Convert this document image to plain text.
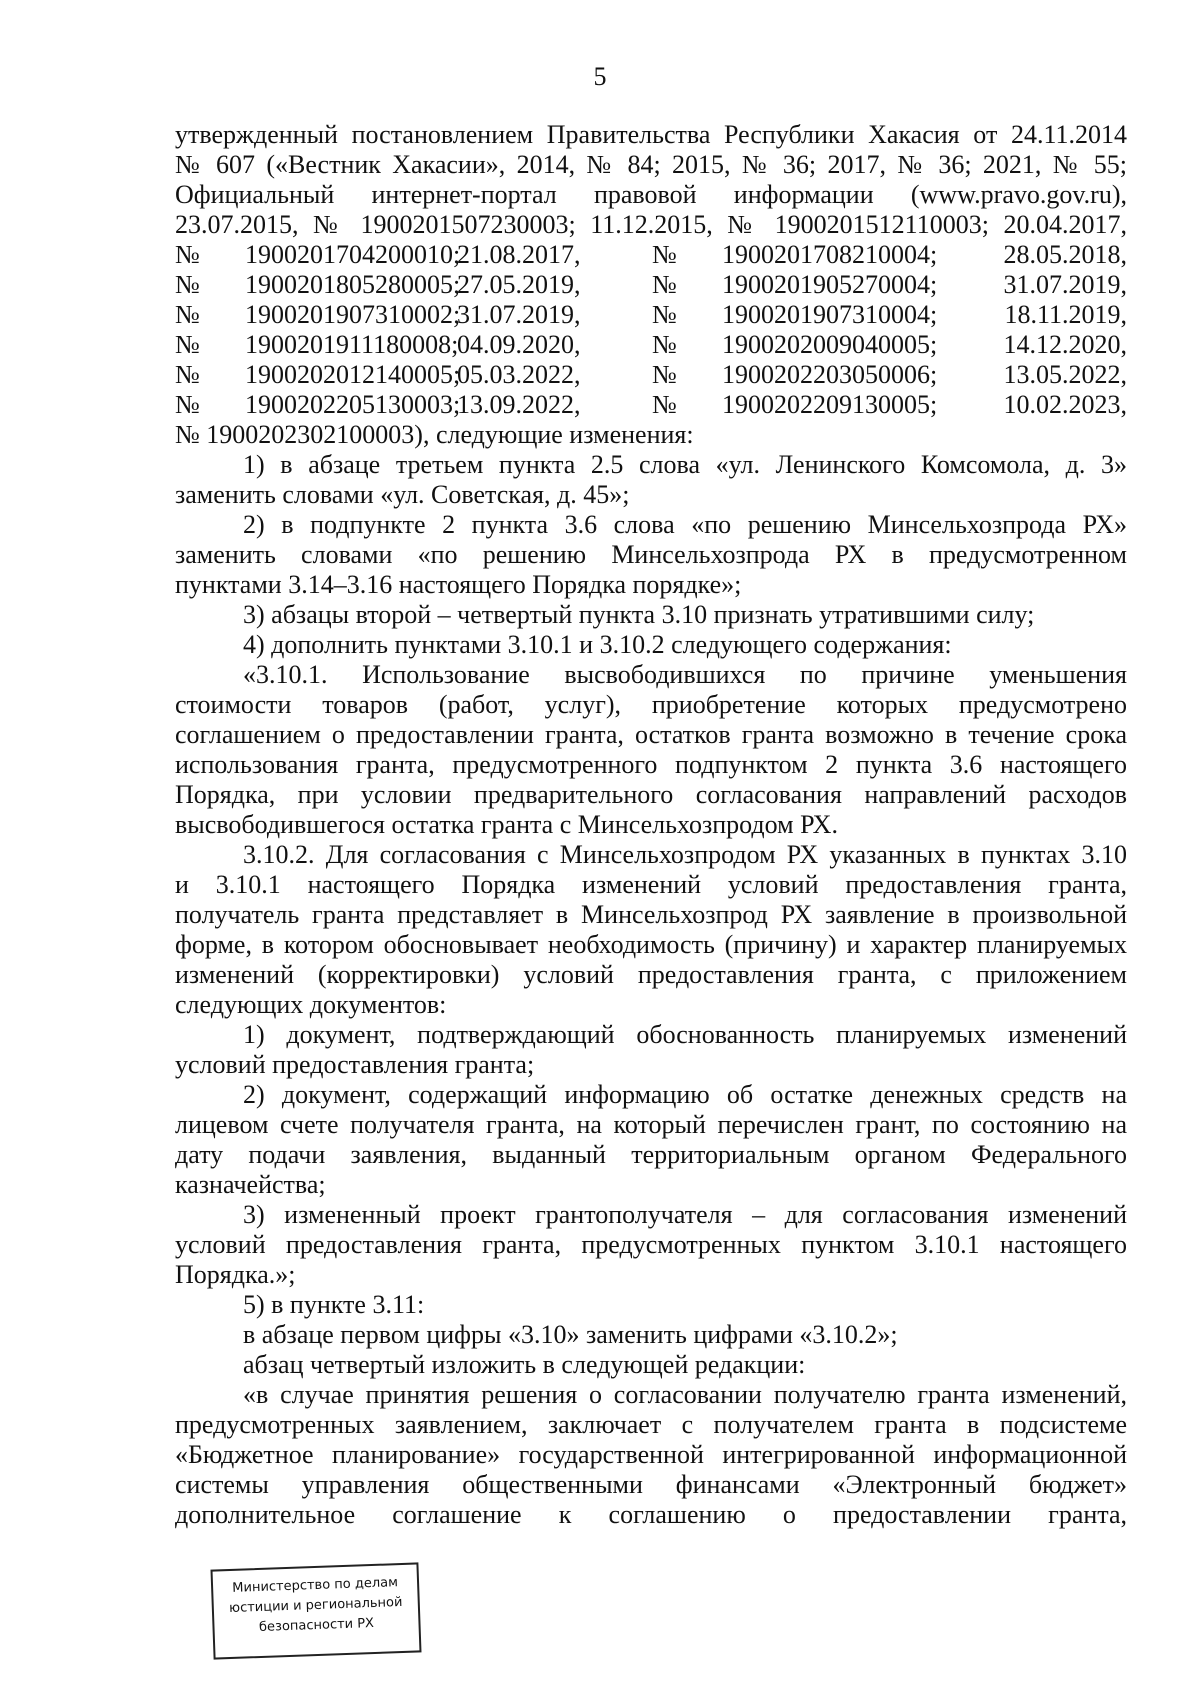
5
утвержденный постановлением Правительства Республики Хакасия от 24.11.2014
№ 607 («Вестник Хакасии», 2014, № 84; 2015, № 36; 2017, № 36; 2021, № 55;
Официальный интернет-портал правовой информации (www.pravo.gov.ru),
23.07.2015, № 1900201507230003; 11.12.2015, № 1900201512110003; 20.04.2017,
№	1900201704200010;
21.08.2017,	№	1900201708210004;	28.05.2018,
№	1900201805280005;
27.05.2019,	№	1900201905270004;	31.07.2019,
№	1900201907310002;
31.07.2019,	№	1900201907310004;	18.11.2019,
№	1900201911180008;
04.09.2020,	№	1900202009040005;	14.12.2020,
№	1900202012140005;
05.03.2022,	№	1900202203050006;	13.05.2022,
№	1900202205130003;
13.09.2022,	№	1900202209130005;	10.02.2023,
№ 1900202302100003), следующие изменения:
1) в абзаце третьем пункта 2.5 слова «ул. Ленинского Комсомола, д. 3»
заменить словами «ул. Советская, д. 45»;
2) в подпункте 2 пункта 3.6 слова «по решению Минсельхозпрода РХ»
заменить словами «по решению Минсельхозпрода РХ в предусмотренном
пунктами 3.14–3.16 настоящего Порядка порядке»;
3) абзацы второй – четвертый пункта 3.10 признать утратившими силу;
4) дополнить пунктами 3.10.1 и 3.10.2 следующего содержания:
«3.10.1. Использование высвободившихся по причине уменьшения
стоимости товаров (работ, услуг), приобретение которых предусмотрено
соглашением о предоставлении гранта, остатков гранта возможно в течение срока
использования гранта, предусмотренного подпунктом 2 пункта 3.6 настоящего
Порядка, при условии предварительного согласования направлений расходов
высвободившегося остатка гранта с Минсельхозпродом РХ.
3.10.2. Для согласования с Минсельхозпродом РХ указанных в пунктах 3.10
и 3.10.1 настоящего Порядка изменений условий предоставления гранта,
получатель гранта представляет в Минсельхозпрод РХ заявление в произвольной
форме, в котором обосновывает необходимость (причину) и характер планируемых
изменений (корректировки) условий предоставления гранта, с приложением
следующих документов:
1) документ, подтверждающий обоснованность планируемых изменений
условий предоставления гранта;
2) документ, содержащий информацию об остатке денежных средств на
лицевом счете получателя гранта, на который перечислен грант, по состоянию на
дату подачи заявления, выданный территориальным органом Федерального
казначейства;
3) измененный проект грантополучателя – для согласования изменений
условий предоставления гранта, предусмотренных пунктом 3.10.1 настоящего
Порядка.»;
5) в пункте 3.11:
в абзаце первом цифры «3.10» заменить цифрами «3.10.2»;
абзац четвертый изложить в следующей редакции:
«в случае принятия решения о согласовании получателю гранта изменений,
предусмотренных заявлением, заключает с получателем гранта в подсистеме
«Бюджетное планирование» государственной интегрированной информационной
системы управления общественными финансами «Электронный бюджет»
дополнительное соглашение к соглашению о предоставлении гранта,
Министерство по делам
юстиции и региональной
безопасности РХ
